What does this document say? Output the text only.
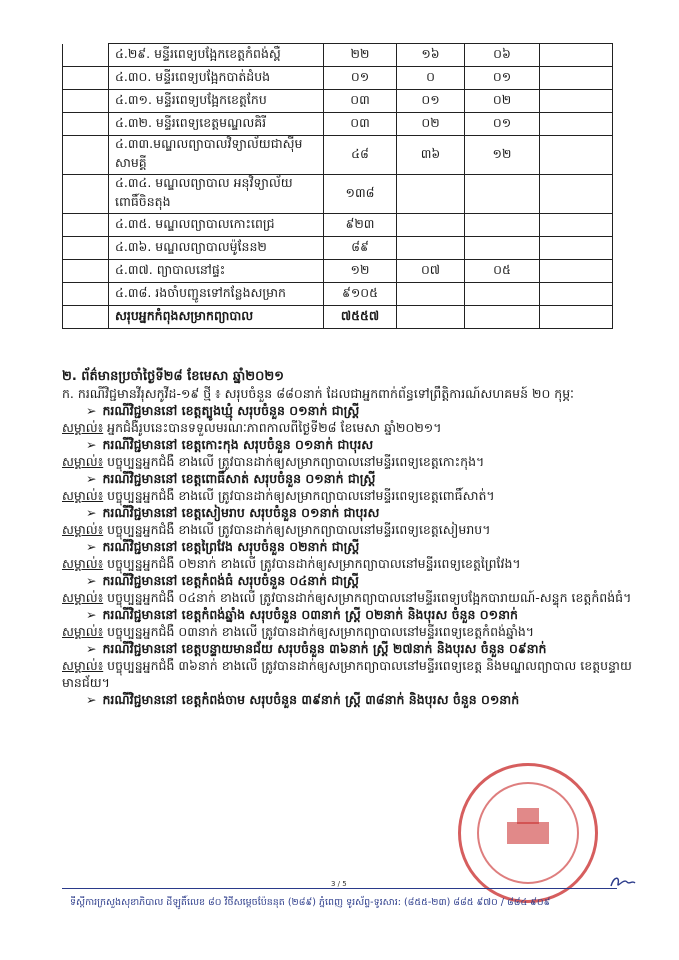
	៤.២៩. មន្ទីរពេទ្យបង្អែកខេត្តកំពង់ស្ពឺ	២២	១៦	០៦	
	៤.៣០. មន្ទីរពេទ្យបង្អែកបាត់ដំបង	០១	០	០១	
	៤.៣១. មន្ទីរពេទ្យបង្អែកខេត្តកែប	០៣	០១	០២	
	៤.៣២. មន្ទីរពេទ្យខេត្តមណ្ឌលគិរី	០៣	០២	០១	
	៤.៣៣.មណ្ឌលព្យាបាលវិទ្យាល័យជាស៊ីម សាមគ្គី	៤៨	៣៦	១២	
	៤.៣៤. មណ្ឌលព្យាបាល អនុវិទ្យាល័យពោធិ៍ចិនតុង	១៣៨			
	៤.៣៥. មណ្ឌលព្យាបាលកោះពេជ្រ	៩២៣			
	៤.៣៦. មណ្ឌលព្យាបាលម៉ូនែន២	៨៩			
	៤.៣៧. ព្យាបាលនៅផ្ទះ	១២	០៧	០៥	
	៤.៣៨. រងចាំបញ្ជូនទៅកន្លែងសម្រាក	៩១០៥			
	សរុបអ្នកកំពុងសម្រាកព្យាបាល	៧៥៥៧			
២. ព័ត៌មានប្រចាំថ្ងៃទី២៨ ខែមេសា ឆ្នាំ២០២១
ក. ករណីវិជ្ជមានវីរុសកូវីដ-១៩ ថ្មី ៖ សរុបចំនួន ៨៨០នាក់ ដែលជាអ្នកពាក់ព័ន្ធទៅព្រឹត្តិការណ៍សហគមន៍ ២០ កុម្ភៈ
➢ ករណីវិជ្ជមាននៅ ខេត្តត្បូងឃ្មុំ សរុបចំនួន ០១នាក់ ជាស្ត្រី
សម្គាល់៖ អ្នកជំងឺរូបនេះបានទទួលមរណៈភាពកាលពីថ្ងៃទី២៨ ខែមេសា ឆ្នាំ២០២១។
➢ ករណីវិជ្ជមាននៅ ខេត្តកោះកុង សរុបចំនួន ០១នាក់ ជាបុរស
សម្គាល់៖ បច្ចុប្បន្នអ្នកជំងឺ ខាងលើ ត្រូវបានដាក់ឲ្យសម្រាកព្យាបាលនៅមន្ទីរពេទ្យខេត្តកោះកុង។
➢ ករណីវិជ្ជមាននៅ ខេត្តពោធិ៍សាត់ សរុបចំនួន ០១នាក់ ជាស្ត្រី
សម្គាល់៖ បច្ចុប្បន្នអ្នកជំងឺ ខាងលើ ត្រូវបានដាក់ឲ្យសម្រាកព្យាបាលនៅមន្ទីរពេទ្យខេត្តពោធិ៍សាត់។
➢ ករណីវិជ្ជមាននៅ ខេត្តសៀមរាប សរុបចំនួន ០១នាក់ ជាបុរស
សម្គាល់៖ បច្ចុប្បន្នអ្នកជំងឺ ខាងលើ ត្រូវបានដាក់ឲ្យសម្រាកព្យាបាលនៅមន្ទីរពេទ្យខេត្តសៀមរាប។
➢ ករណីវិជ្ជមាននៅ ខេត្តព្រៃវែង សរុបចំនួន ០២នាក់ ជាស្ត្រី
សម្គាល់៖ បច្ចុប្បន្នអ្នកជំងឺ ០២នាក់ ខាងលើ ត្រូវបានដាក់ឲ្យសម្រាកព្យាបាលនៅមន្ទីរពេទ្យខេត្តព្រៃវែង។
➢ ករណីវិជ្ជមាននៅ ខេត្តកំពង់ធំ សរុបចំនួន ០៤នាក់ ជាស្ត្រី
សម្គាល់៖ បច្ចុប្បន្នអ្នកជំងឺ ០៤នាក់ ខាងលើ ត្រូវបានដាក់ឲ្យសម្រាកព្យាបាលនៅមន្ទីរពេទ្យបង្អែកបារាយណ៍-សន្ទុក ខេត្តកំពង់ធំ។
➢ ករណីវិជ្ជមាននៅ ខេត្តកំពង់ឆ្នាំង សរុបចំនួន ០៣នាក់ ស្ត្រី ០២នាក់ និងបុរស ចំនួន ០១នាក់
សម្គាល់៖ បច្ចុប្បន្នអ្នកជំងឺ ០៣នាក់ ខាងលើ ត្រូវបានដាក់ឲ្យសម្រាកព្យាបាលនៅមន្ទីរពេទ្យខេត្តកំពង់ឆ្នាំង។
➢ ករណីវិជ្ជមាននៅ ខេត្តបន្ទាយមានជ័យ សរុបចំនួន ៣៦នាក់ ស្ត្រី ២៧នាក់ និងបុរស ចំនួន ០៩នាក់
សម្គាល់៖ បច្ចុប្បន្នអ្នកជំងឺ ៣៦នាក់ ខាងលើ ត្រូវបានដាក់ឲ្យសម្រាកព្យាបាលនៅមន្ទីរពេទ្យខេត្ត និងមណ្ឌលព្យាបាល ខេត្តបន្ទាយមានជ័យ។
➢ ករណីវិជ្ជមាននៅ ខេត្តកំពង់ចាម សរុបចំនួន ៣៩នាក់ ស្ត្រី ៣៨នាក់ និងបុរស ចំនួន ០១នាក់
3 / 5
ទីស្ដីការក្រសួងសុខាភិបាល ដីឡូតិ៍លេខ ៨០ វិថីសម្ដេចប៉ែននុត (២៨៩) ភ្នំពេញ ទូរស័ព្ទ-ទូរសារ: (៨៥៥-២៣) ៨៨៥ ៩៧០ / ៨៨៤ ៩០៩
